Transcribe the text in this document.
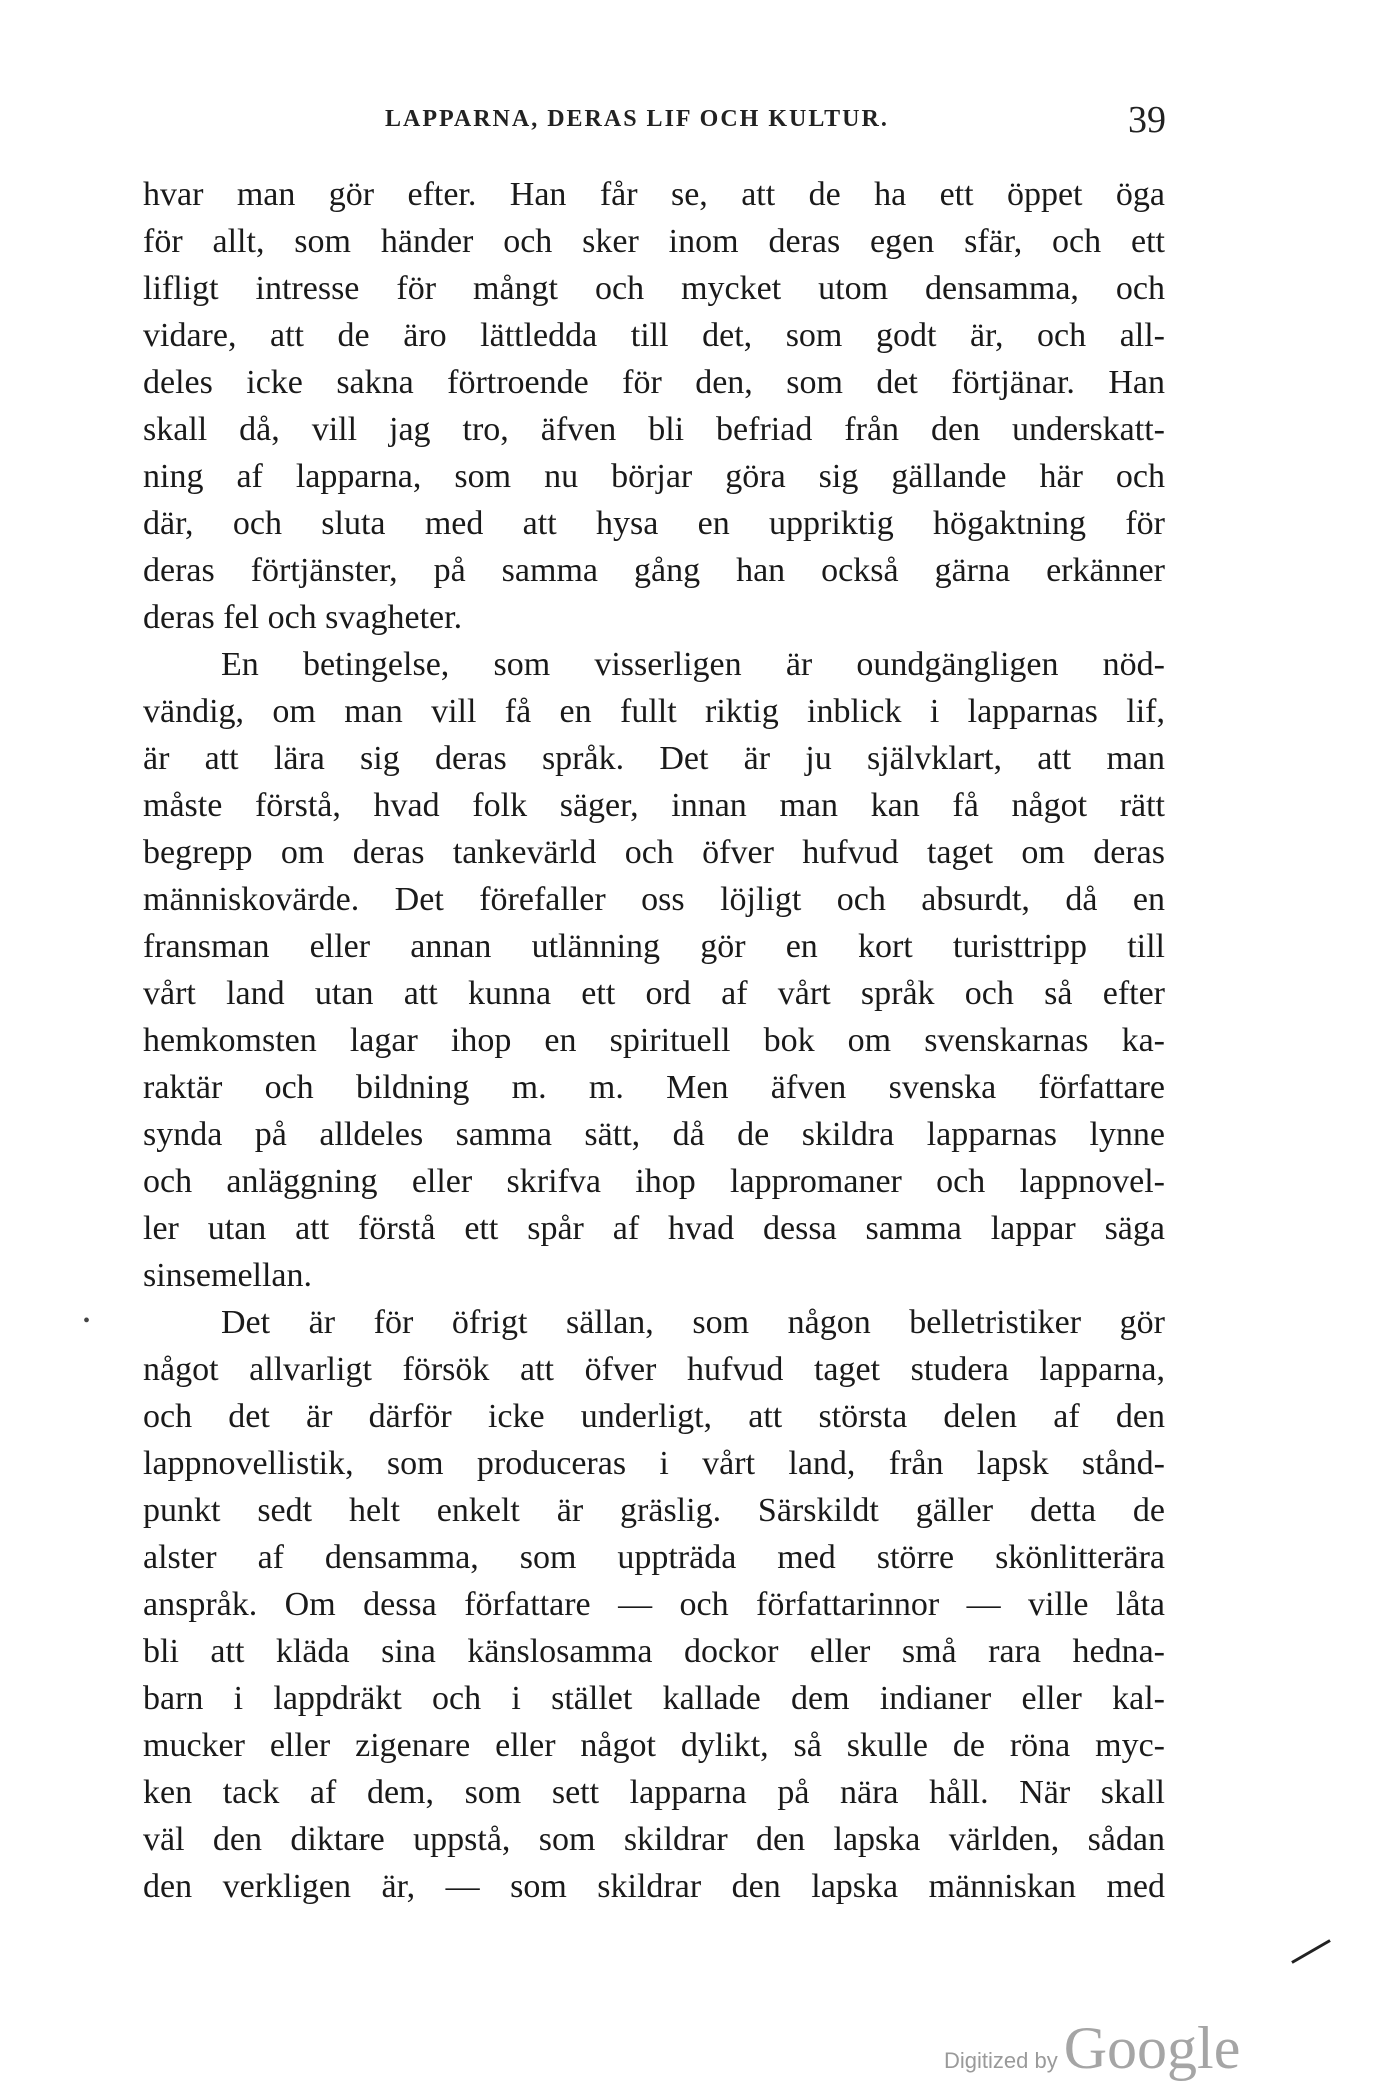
LAPPARNA, DERAS LIF OCH KULTUR.	39
hvar man gör efter. Han får se, att de ha ett öppet öga
för allt, som händer och sker inom deras egen sfär, och ett
lifligt intresse för mångt och mycket utom densamma, och
vidare, att de äro lättledda till det, som godt är, och all-
deles icke sakna förtroende för den, som det förtjänar. Han
skall då, vill jag tro, äfven bli befriad från den underskatt-
ning af lapparna, som nu börjar göra sig gällande här och
där, och sluta med att hysa en uppriktig högaktning för
deras förtjänster, på samma gång han också gärna erkänner
deras fel och svagheter.
En betingelse, som visserligen är oundgängligen nöd-
vändig, om man vill få en fullt riktig inblick i lapparnas lif,
är att lära sig deras språk. Det är ju självklart, att man
måste förstå, hvad folk säger, innan man kan få något rätt
begrepp om deras tankevärld och öfver hufvud taget om deras
människovärde. Det förefaller oss löjligt och absurdt, då en
fransman eller annan utlänning gör en kort turisttripp till
vårt land utan att kunna ett ord af vårt språk och så efter
hemkomsten lagar ihop en spirituell bok om svenskarnas ka-
raktär och bildning m. m. Men äfven svenska författare
synda på alldeles samma sätt, då de skildra lapparnas lynne
och anläggning eller skrifva ihop lappromaner och lappnovel-
ler utan att förstå ett spår af hvad dessa samma lappar säga
sinsemellan.
Det är för öfrigt sällan, som någon belletristiker gör
något allvarligt försök att öfver hufvud taget studera lapparna,
och det är därför icke underligt, att största delen af den
lappnovellistik, som produceras i vårt land, från lapsk stånd-
punkt sedt helt enkelt är gräslig. Särskildt gäller detta de
alster af densamma, som uppträda med större skönlitterära
anspråk. Om dessa författare — och författarinnor — ville låta
bli att kläda sina känslosamma dockor eller små rara hedna-
barn i lappdräkt och i stället kallade dem indianer eller kal-
mucker eller zigenare eller något dylikt, så skulle de röna myc-
ken tack af dem, som sett lapparna på nära håll. När skall
väl den diktare uppstå, som skildrar den lapska världen, sådan
den verkligen är, — som skildrar den lapska människan med
•
Digitized by Google
